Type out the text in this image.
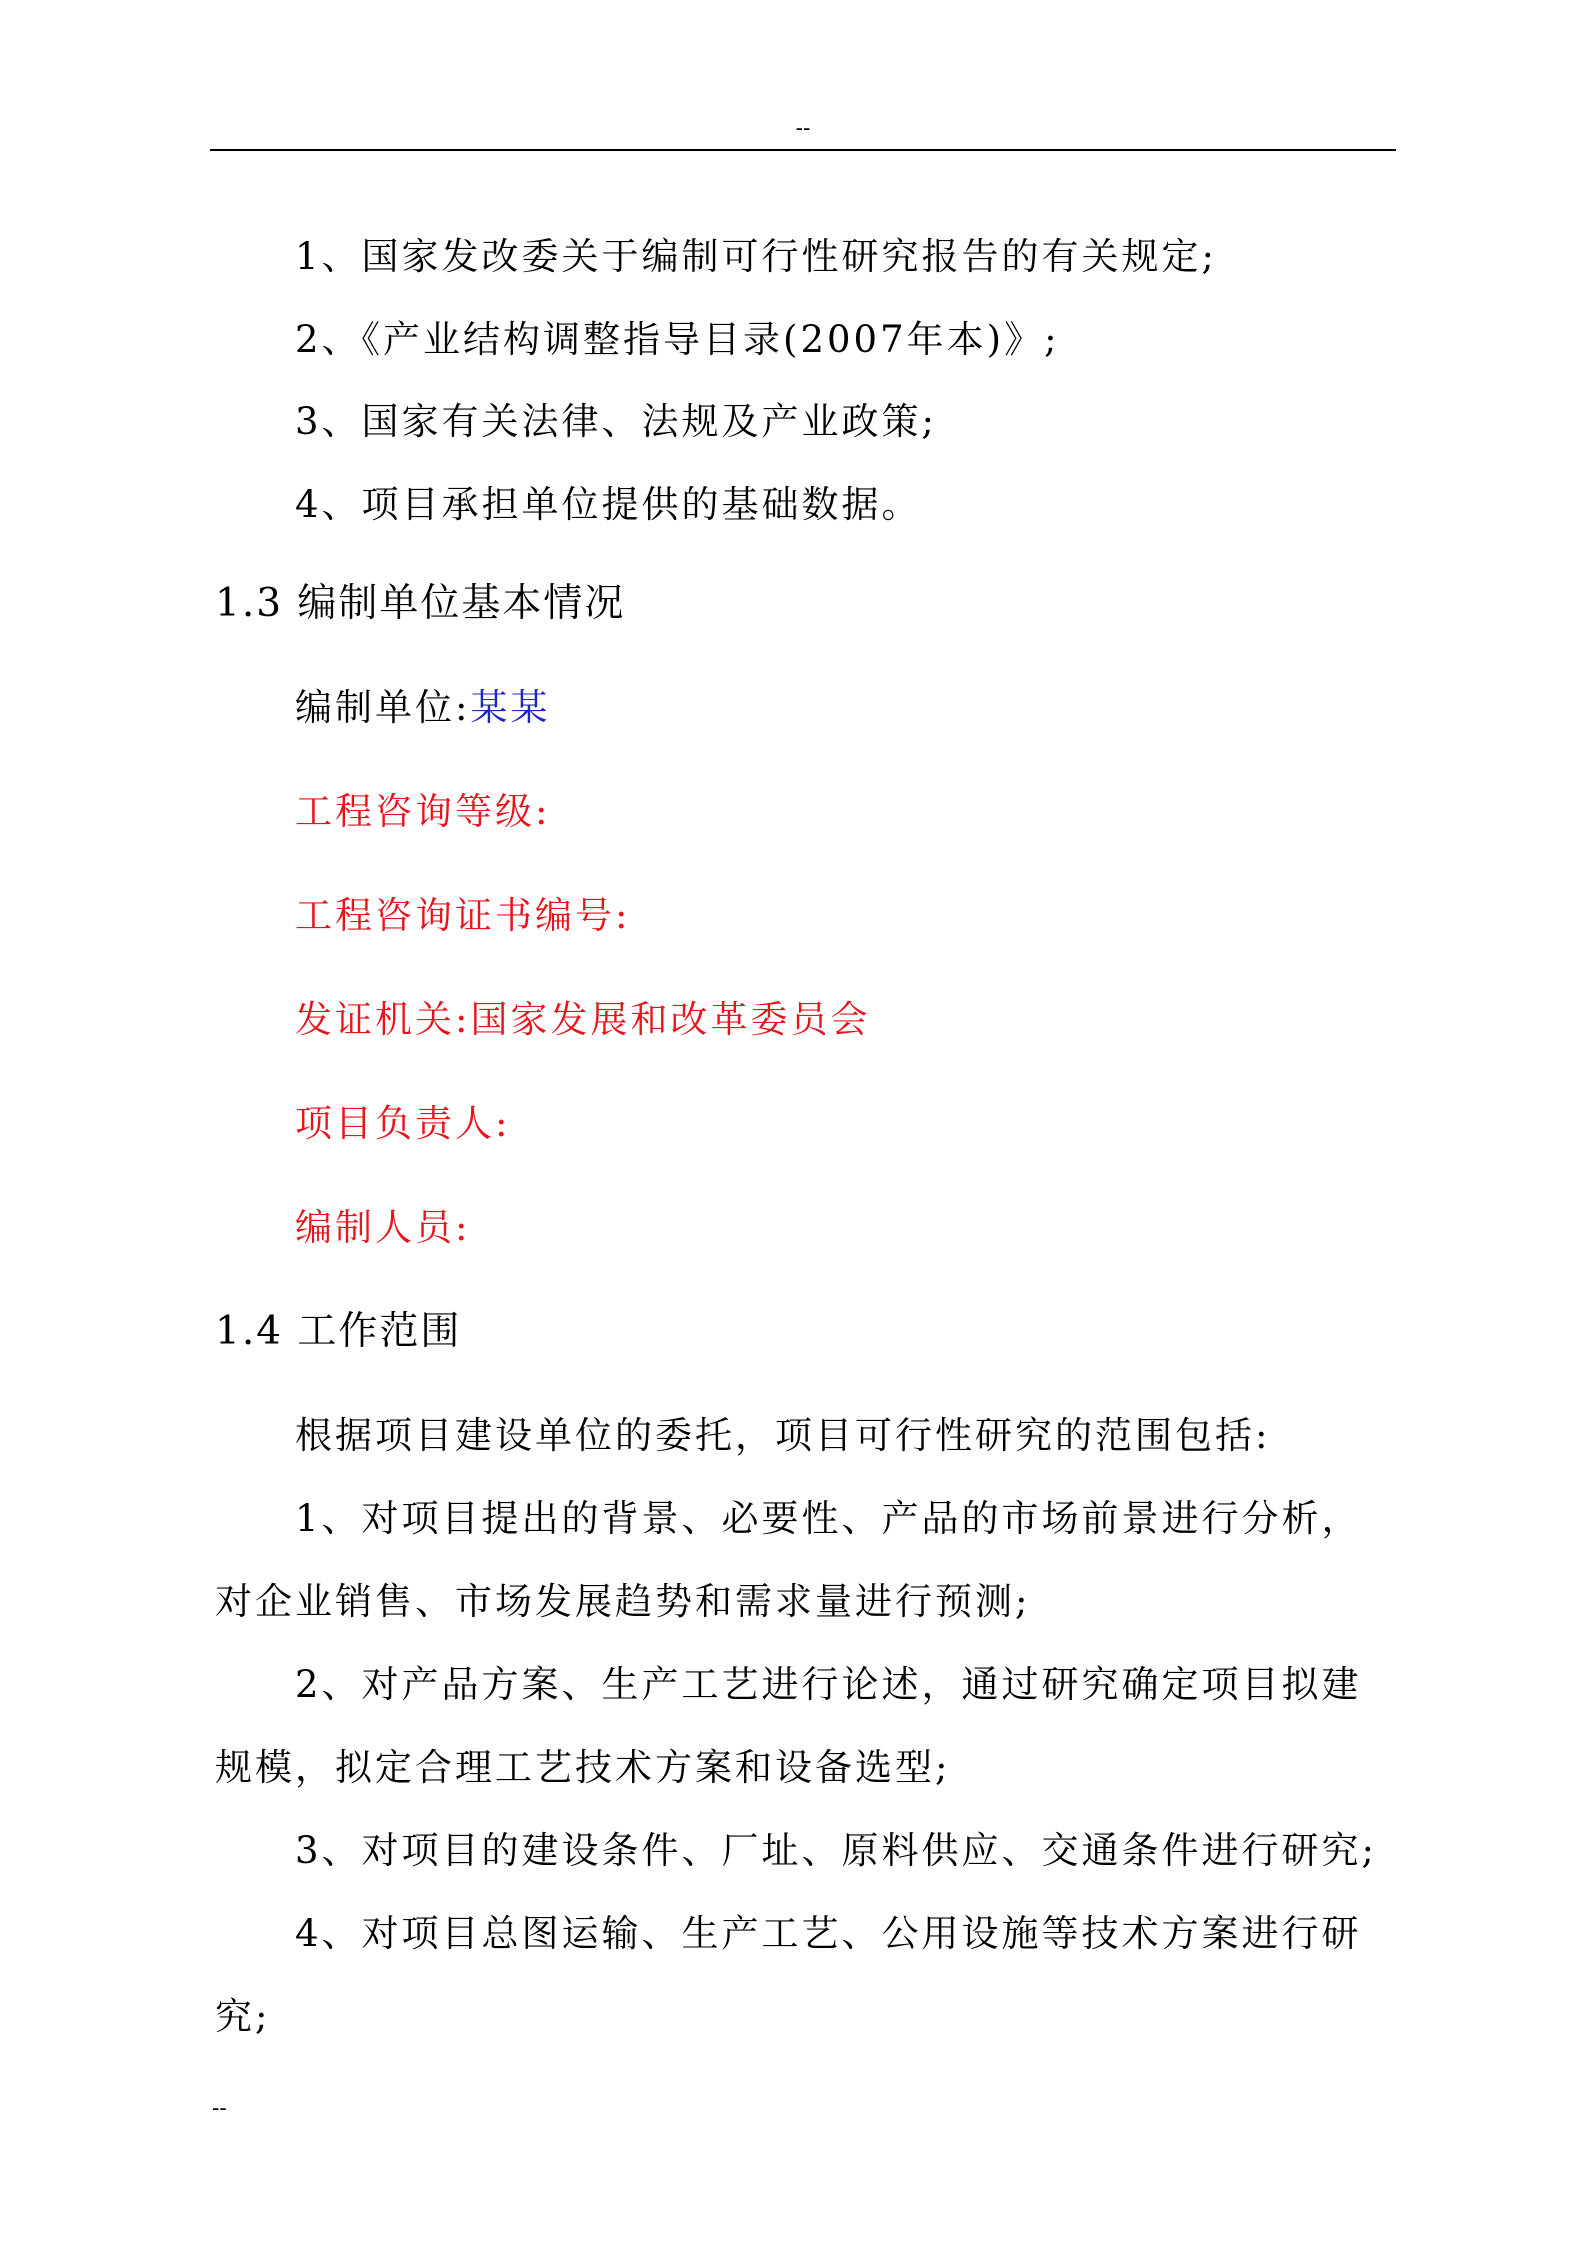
--
1、国家发改委关于编制可行性研究报告的有关规定;
2、《产业结构调整指导目录(2007年本)》;
3、国家有关法律、法规及产业政策;
4、项目承担单位提供的基础数据。
1.3 编制单位基本情况
编制单位:某某
工程咨询等级:
工程咨询证书编号:
发证机关:国家发展和改革委员会
项目负责人:
编制人员:
1.4 工作范围
根据项目建设单位的委托，项目可行性研究的范围包括:
1、对项目提出的背景、必要性、产品的市场前景进行分析，
对企业销售、市场发展趋势和需求量进行预测;
2、对产品方案、生产工艺进行论述，通过研究确定项目拟建
规模，拟定合理工艺技术方案和设备选型;
3、对项目的建设条件、厂址、原料供应、交通条件进行研究;
4、对项目总图运输、生产工艺、公用设施等技术方案进行研
究;
--
